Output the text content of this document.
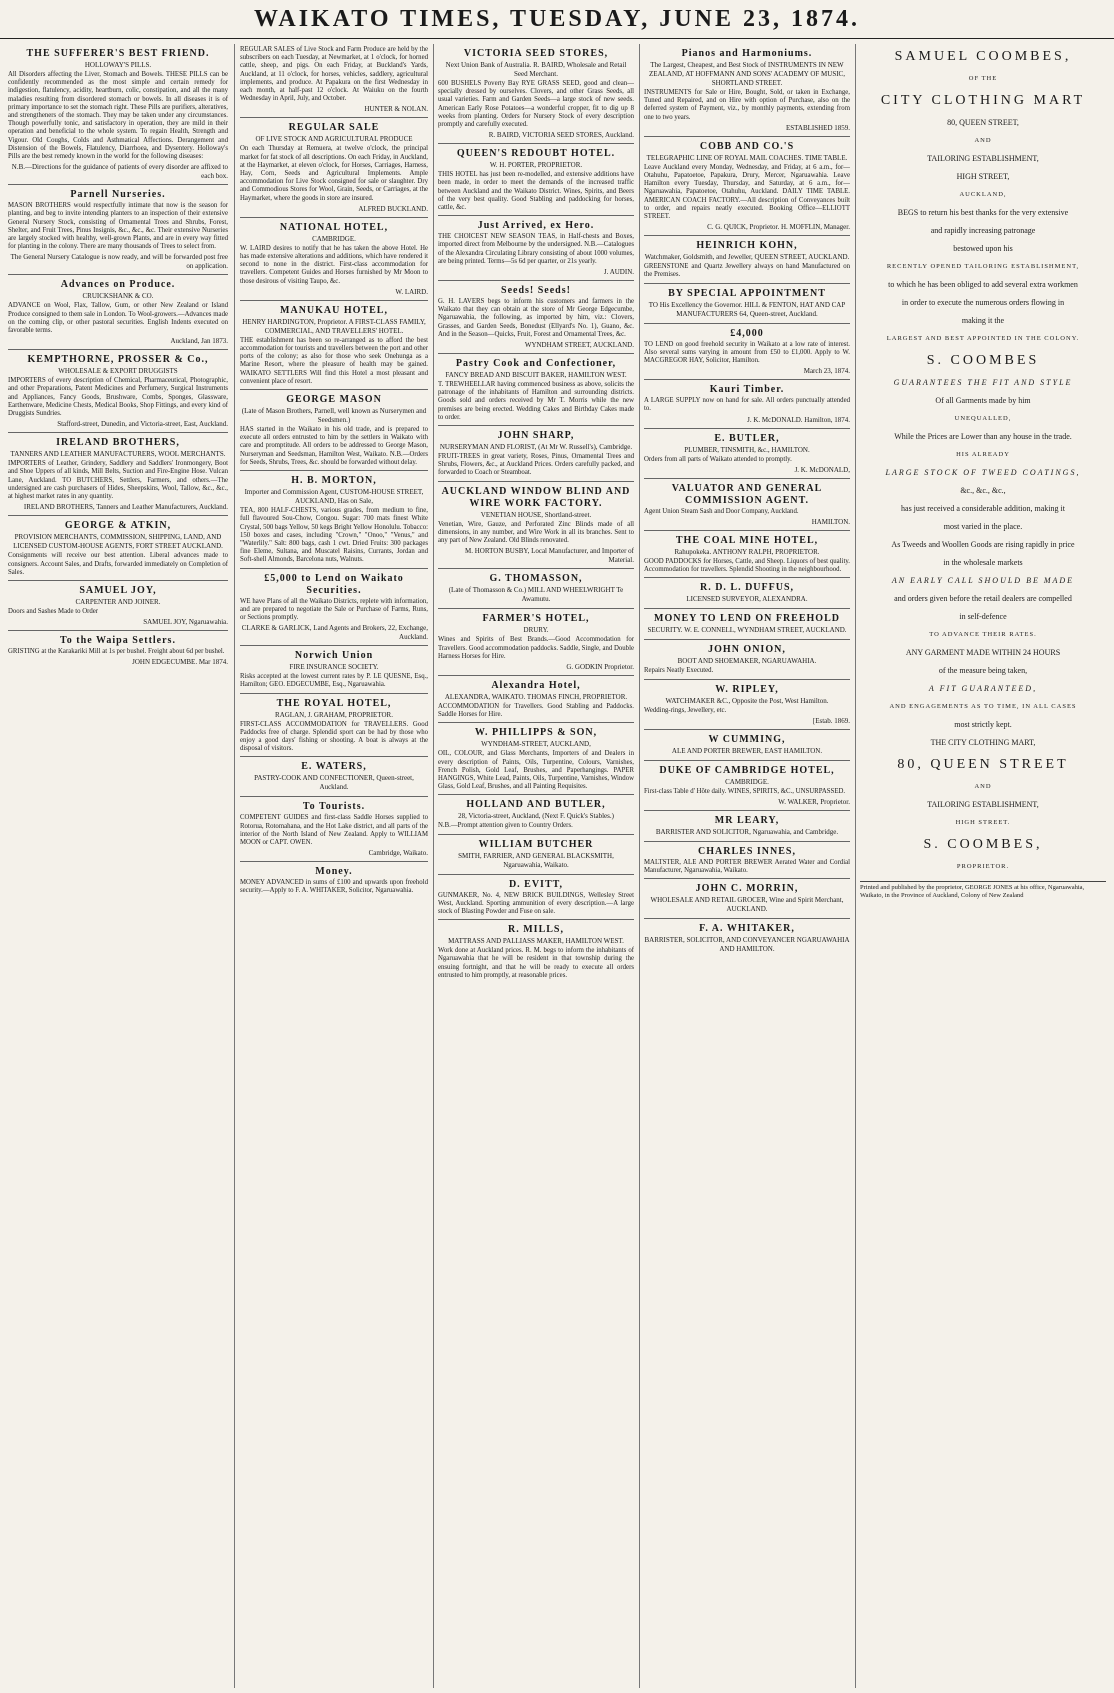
WAIKATO TIMES, TUESDAY, JUNE 23, 1874.
THE SUFFERER'S BEST FRIEND.
HOLLOWAY'S PILLS.
All Disorders affecting the Liver, Stomach and Bowels. THESE PILLS can be confidently recommended as the most simple and certain remedy for indigestion, flatulency, acidity, heartburn, colic, constipation, and all the many maladies resulting from disordered stomach or bowels. In all diseases it is of primary importance to set the stomach right. These Pills are purifiers, alteratives, and strengtheners of the stomach. They may be taken under any circumstances. Though powerfully tonic, and satisfactory in operation, they are mild in their operation and beneficial to the whole system. To regain Health, Strength and Vigour. Old Coughs, Colds and Asthmatical Affections. Derangement and Distension of the Bowels, Flatulency, Diarrhoea, and Dysentery. Holloway's Pills are the best remedy known in the world for the following diseases:
N.B.—Directions for the guidance of patients of every disorder are affixed to each box.
Parnell Nurseries.
MASON BROTHERS would respectfully intimate that now is the season for planting, and beg to invite intending planters to an inspection of their extensive General Nursery Stock, consisting of Ornamental Trees and Shrubs, Forest, Shelter, and Fruit Trees, Pinus Insignis, &c., &c., &c. Their extensive Nurseries are largely stocked with healthy, well-grown Plants, and are in every way fitted for planting in the colony. There are many thousands of Trees to select from.
The General Nursery Catalogue is now ready, and will be forwarded post free on application.
Advances on Produce.
CRUICKSHANK & CO.
ADVANCE on Wool, Flax, Tallow, Gum, or other New Zealand or Island Produce consigned to them sale in London. To Wool-growers.—Advances made on the coming clip, or other pastoral securities. English Indents executed on favorable terms.
Auckland, Jan 1873.
KEMPTHORNE, PROSSER & Co.,
WHOLESALE & EXPORT DRUGGISTS
IMPORTERS of every description of Chemical, Pharmaceutical, Photographic, and other Preparations, Patent Medicines and Perfumery, Surgical Instruments and Appliances, Fancy Goods, Brushware, Combs, Sponges, Glassware, Earthenware, Medicine Chests, Medical Books, Shop Fittings, and every kind of Druggists Sundries.
Stafford-street, Dunedin, and Victoria-street, East, Auckland.
IRELAND BROTHERS,
TANNERS AND LEATHER MANUFACTURERS, WOOL MERCHANTS.
IMPORTERS of Leather, Grindery, Saddlery and Saddlers' Ironmongery, Boot and Shoe Uppers of all kinds, Mill Belts, Suction and Fire-Engine Hose. Vulcan Lane, Auckland. TO BUTCHERS, Settlers, Farmers, and others.—The undersigned are cash purchasers of Hides, Sheepskins, Wool, Tallow, &c., &c., at highest market rates in any quantity.
IRELAND BROTHERS, Tanners and Leather Manufacturers, Auckland.
GEORGE & ATKIN,
PROVISION MERCHANTS, COMMISSION, SHIPPING, LAND, AND LICENSED CUSTOM-HOUSE AGENTS, FORT STREET AUCKLAND.
Consignments will receive our best attention. Liberal advances made to consigners. Account Sales, and Drafts, forwarded immediately on Completion of Sales.
SAMUEL JOY,
CARPENTER AND JOINER.
Doors and Sashes Made to Order
SAMUEL JOY, Ngaruawahia.
To the Waipa Settlers.
GRISTING at the Karakariki Mill at 1s per bushel. Freight about 6d per bushel.
JOHN EDGECUMBE. Mar 1874.
REGULAR SALES of Live Stock and Farm Produce are held by the subscribers on each Tuesday, at Newmarket, at 1 o'clock, for horned cattle, sheep, and pigs. On each Friday, at Buckland's Yards, Auckland, at 11 o'clock, for horses, vehicles, saddlery, agricultural implements, and produce. At Papakura on the first Wednesday in each month, at half-past 12 o'clock. At Waiuku on the fourth Wednesday in April, July, and October.
HUNTER & NOLAN.
REGULAR SALE
OF LIVE STOCK AND AGRICULTURAL PRODUCE
On each Thursday at Remuera, at twelve o'clock, the principal market for fat stock of all descriptions. On each Friday, in Auckland, at the Haymarket, at eleven o'clock, for Horses, Carriages, Harness, Hay, Corn, Seeds and Agricultural Implements. Ample accommodation for Live Stock consigned for sale or slaughter. Dry and Commodious Stores for Wool, Grain, Seeds, or Carriages, at the Haymarket, where the goods in store are insured.
ALFRED BUCKLAND.
NATIONAL HOTEL,
CAMBRIDGE.
W. LAIRD desires to notify that he has taken the above Hotel. He has made extensive alterations and additions, which have rendered it second to none in the district. First-class accommodation for travellers. Competent Guides and Horses furnished by Mr Moon to those desirous of visiting Taupo, &c.
W. LAIRD.
MANUKAU HOTEL,
HENRY HARDINGTON, Proprietor. A FIRST-CLASS FAMILY, COMMERCIAL, AND TRAVELLERS' HOTEL.
THE establishment has been so re-arranged as to afford the best accommodation for tourists and travellers between the port and other ports of the colony; as also for those who seek Onehunga as a Marine Resort, where the pleasure of health may be gained. WAIKATO SETTLERS Will find this Hotel a most pleasant and convenient place of resort.
GEORGE MASON
(Late of Mason Brothers, Parnell, well known as Nurserymen and Seedsmen.)
HAS started in the Waikato in his old trade, and is prepared to execute all orders entrusted to him by the settlers in Waikato with care and promptitude. All orders to be addressed to George Mason, Nurseryman and Seedsman, Hamilton West, Waikato. N.B.—Orders for Seeds, Shrubs, Trees, &c. should be forwarded without delay.
H. B. MORTON,
Importer and Commission Agent, CUSTOM-HOUSE STREET, AUCKLAND, Has on Sale,
TEA, 800 HALF-CHESTS, various grades, from medium to fine, full flavoured Sou-Chow, Congou. Sugar: 700 mats finest White Crystal, 500 bags Yellow, 50 kegs Bright Yellow Honolulu. Tobacco: 150 boxes and cases, including "Crown," "Onoo," "Venus," and "Waterlily." Salt: 800 bags, cash 1 cwt. Dried Fruits: 300 packages fine Eleme, Sultana, and Muscatel Raisins, Currants, Jordan and Soft-shell Almonds, Barcelona nuts, Walnuts.
£5,000 to Lend on Waikato Securities.
WE have Plans of all the Waikato Districts, replete with information, and are prepared to negotiate the Sale or Purchase of Farms, Runs, or Sections promptly.
CLARKE & GARLICK, Land Agents and Brokers, 22, Exchange, Auckland.
Norwich Union
FIRE INSURANCE SOCIETY.
Risks accepted at the lowest current rates by P. LE QUESNE, Esq., Hamilton; GEO. EDGECUMBE, Esq., Ngaruawahia.
THE ROYAL HOTEL,
RAGLAN, J. GRAHAM, PROPRIETOR.
FIRST-CLASS ACCOMMODATION for TRAVELLERS. Good Paddocks free of charge. Splendid sport can be had by those who enjoy a good days' fishing or shooting. A boat is always at the disposal of visitors.
E. WATERS,
PASTRY-COOK AND CONFECTIONER, Queen-street, Auckland.
To Tourists.
COMPETENT GUIDES and first-class Saddle Horses supplied to Rotorua, Rotomahana, and the Hot Lake district, and all parts of the interior of the North Island of New Zealand. Apply to WILLIAM MOON or CAPT. OWEN.
Cambridge, Waikato.
Money.
MONEY ADVANCED in sums of £100 and upwards upon freehold security.—Apply to F. A. WHITAKER, Solicitor, Ngaruawahia.
VICTORIA SEED STORES,
Next Union Bank of Australia. R. BAIRD, Wholesale and Retail Seed Merchant.
600 BUSHELS Poverty Bay RYE GRASS SEED, good and clean—specially dressed by ourselves. Clovers, and other Grass Seeds, all usual varieties. Farm and Garden Seeds—a large stock of new seeds. American Early Rose Potatoes—a wonderful cropper, fit to dig up 8 weeks from planting. Orders for Nursery Stock of every description promptly and carefully executed.
R. BAIRD, VICTORIA SEED STORES, Auckland.
QUEEN'S REDOUBT HOTEL.
W. H. PORTER, PROPRIETOR.
THIS HOTEL has just been re-modelled, and extensive additions have been made, in order to meet the demands of the increased traffic between Auckland and the Waikato District. Wines, Spirits, and Beers of the very best quality. Good Stabling and paddocking for horses, cattle, &c.
Just Arrived, ex Hero.
THE CHOICEST NEW SEASON TEAS, in Half-chests and Boxes, imported direct from Melbourne by the undersigned. N.B.—Catalogues of the Alexandra Circulating Library consisting of about 1000 volumes, are being printed. Terms—5s 6d per quarter, or 21s yearly.
J. AUDIN.
Seeds! Seeds!
G. H. LAVERS begs to inform his customers and farmers in the Waikato that they can obtain at the store of Mr George Edgecumbe, Ngaruawahia, the following, as imported by him, viz.: Clovers, Grasses, and Garden Seeds, Bonedust (Ellyard's No. 1), Guano, &c. And in the Season—Quicks, Fruit, Forest and Ornamental Trees, &c.
WYNDHAM STREET, AUCKLAND.
Pastry Cook and Confectioner,
FANCY BREAD AND BISCUIT BAKER, HAMILTON WEST.
T. TREWHEELLAR having commenced business as above, solicits the patronage of the inhabitants of Hamilton and surrounding districts. Goods sold and orders received by Mr T. Morris while the new premises are being erected. Wedding Cakes and Birthday Cakes made to order.
JOHN SHARP,
NURSERYMAN AND FLORIST, (At Mr W. Russell's), Cambridge.
FRUIT-TREES in great variety, Roses, Pinus, Ornamental Trees and Shrubs, Flowers, &c., at Auckland Prices. Orders carefully packed, and forwarded to Coach or Steamboat.
AUCKLAND WINDOW BLIND AND WIRE WORK FACTORY.
VENETIAN HOUSE, Shortland-street.
Venetian, Wire, Gauze, and Perforated Zinc Blinds made of all dimensions, in any number, and Wire Work in all its branches. Sent to any part of New Zealand. Old Blinds renovated.
M. HORTON BUSBY, Local Manufacturer, and Importer of Material.
G. THOMASSON,
(Late of Thomasson & Co.) MILL AND WHEELWRIGHT Te Awamutu.
FARMER'S HOTEL,
DRURY.
Wines and Spirits of Best Brands.—Good Accommodation for Travellers. Good accommodation paddocks. Saddle, Single, and Double Harness Horses for Hire.
G. GODKIN Proprietor.
Alexandra Hotel,
ALEXANDRA, WAIKATO. THOMAS FINCH, PROPRIETOR.
ACCOMMODATION for Travellers. Good Stabling and Paddocks. Saddle Horses for Hire.
W. PHILLIPPS & SON,
WYNDHAM-STREET, AUCKLAND,
OIL, COLOUR, and Glass Merchants, Importers of and Dealers in every description of Paints, Oils, Turpentine, Colours, Varnishes, French Polish, Gold Leaf, Brushes, and Paperhangings. PAPER HANGINGS, White Lead, Paints, Oils, Turpentine, Varnishes, Window Glass, Gold Leaf, Brushes, and all Painting Requisites.
HOLLAND AND BUTLER,
28, Victoria-street, Auckland, (Next F. Quick's Stables.)
N.B.—Prompt attention given to Country Orders.
WILLIAM BUTCHER
SMITH, FARRIER, AND GENERAL BLACKSMITH, Ngaruawahia, Waikato.
D. EVITT,
GUNMAKER, No. 4, NEW BRICK BUILDINGS, Wellesley Street West, Auckland. Sporting ammunition of every description.—A large stock of Blasting Powder and Fuse on sale.
R. MILLS,
MATTRASS AND PALLIASS MAKER, HAMILTON WEST.
Work done at Auckland prices. R. M. begs to inform the inhabitants of Ngaruawahia that he will be resident in that township during the ensuing fortnight, and that he will be ready to execute all orders entrusted to him promptly, at reasonable prices.
Pianos and Harmoniums.
The Largest, Cheapest, and Best Stock of INSTRUMENTS IN NEW ZEALAND, AT HOFFMANN AND SONS' ACADEMY OF MUSIC, SHORTLAND STREET.
INSTRUMENTS for Sale or Hire, Bought, Sold, or taken in Exchange, Tuned and Repaired, and on Hire with option of Purchase, also on the deferred system of Payment, viz., by monthly payments, extending from one to two years.
ESTABLISHED 1859.
COBB AND CO.'S
TELEGRAPHIC LINE OF ROYAL MAIL COACHES. TIME TABLE.
Leave Auckland every Monday, Wednesday, and Friday, at 6 a.m., for— Otahuhu, Papatoetoe, Papakura, Drury, Mercer, Ngaruawahia. Leave Hamilton every Tuesday, Thursday, and Saturday, at 6 a.m., for— Ngaruawahia, Papatoetoe, Otahuhu, Auckland. DAILY TIME TABLE. AMERICAN COACH FACTORY.—All description of Conveyances built to order, and repairs neatly executed. Booking Office—ELLIOTT STREET.
C. G. QUICK, Proprietor. H. MOFFLIN, Manager.
HEINRICH KOHN,
Watchmaker, Goldsmith, and Jeweller, QUEEN STREET, AUCKLAND.
GREENSTONE and Quartz Jewellery always on hand Manufactured on the Premises.
BY SPECIAL APPOINTMENT
TO His Excellency the Governor. HILL & FENTON, HAT AND CAP MANUFACTURERS 64, Queen-street, Auckland.
£4,000
TO LEND on good freehold security in Waikato at a low rate of interest. Also several sums varying in amount from £50 to £1,000. Apply to W. MACGREGOR HAY, Solicitor, Hamilton.
March 23, 1874.
Kauri Timber.
A LARGE SUPPLY now on hand for sale. All orders punctually attended to.
J. K. McDONALD. Hamilton, 1874.
E. BUTLER,
PLUMBER, TINSMITH, &c., HAMILTON.
Orders from all parts of Waikato attended to promptly.
J. K. McDONALD,
VALUATOR AND GENERAL COMMISSION AGENT.
Agent Union Steam Sash and Door Company, Auckland.
HAMILTON.
THE COAL MINE HOTEL,
Rahupokeka. ANTHONY RALPH, PROPRIETOR.
GOOD PADDOCKS for Horses, Cattle, and Sheep. Liquors of best quality. Accommodation for travellers. Splendid Shooting in the neighbourhood.
R. D. L. DUFFUS,
LICENSED SURVEYOR, ALEXANDRA.
MONEY TO LEND ON FREEHOLD
SECURITY. W. E. CONNELL, WYNDHAM STREET, AUCKLAND.
JOHN ONION,
BOOT AND SHOEMAKER, NGARUAWAHIA.
Repairs Neatly Executed.
W. RIPLEY,
WATCHMAKER &C., Opposite the Post, West Hamilton.
Wedding-rings, Jewellery, etc.
[Estab. 1869.
W CUMMING,
ALE AND PORTER BREWER, EAST HAMILTON.
DUKE OF CAMBRIDGE HOTEL,
CAMBRIDGE.
First-class Table d' Hôte daily. WINES, SPIRITS, &C., UNSURPASSED.
W. WALKER, Proprietor.
MR LEARY,
BARRISTER AND SOLICITOR, Ngaruawahia, and Cambridge.
CHARLES INNES,
MALTSTER, ALE AND PORTER BREWER Aerated Water and Cordial Manufacturer, Ngaruawahia, Waikato.
JOHN C. MORRIN,
WHOLESALE AND RETAIL GROCER, Wine and Spirit Merchant, AUCKLAND.
F. A. WHITAKER,
BARRISTER, SOLICITOR, AND CONVEYANCER NGARUAWAHIA AND HAMILTON.
SAMUEL COOMBES,
OF THE
CITY CLOTHING MART
80, QUEEN STREET,
AND
TAILORING ESTABLISHMENT,
HIGH STREET,
AUCKLAND,
BEGS to return his best thanks for the very extensive
and rapidly increasing patronage
bestowed upon his
RECENTLY OPENED TAILORING ESTABLISHMENT,
to which he has been obliged to add several extra workmen
in order to execute the numerous orders flowing in
making it the
LARGEST AND BEST APPOINTED IN THE COLONY.
S. COOMBES
GUARANTEES THE FIT AND STYLE
Of all Garments made by him
UNEQUALLED,
While the Prices are Lower than any house in the trade.
HIS ALREADY
LARGE STOCK OF TWEED COATINGS,
&c., &c., &c.,
has just received a considerable addition, making it
most varied in the place.
As Tweeds and Woollen Goods are rising rapidly in price
in the wholesale markets
AN EARLY CALL SHOULD BE MADE
and orders given before the retail dealers are compelled
in self-defence
TO ADVANCE THEIR RATES.
ANY GARMENT MADE WITHIN 24 HOURS
of the measure being taken,
A FIT GUARANTEED,
AND ENGAGEMENTS AS TO TIME, IN ALL CASES
most strictly kept.
THE CITY CLOTHING MART,
80, QUEEN STREET
AND
TAILORING ESTABLISHMENT,
HIGH STREET.
S. COOMBES,
PROPRIETOR.
Printed and published by the proprietor, GEORGE JONES at his office, Ngaruawahia, Waikato, in the Province of Auckland, Colony of New Zealand
